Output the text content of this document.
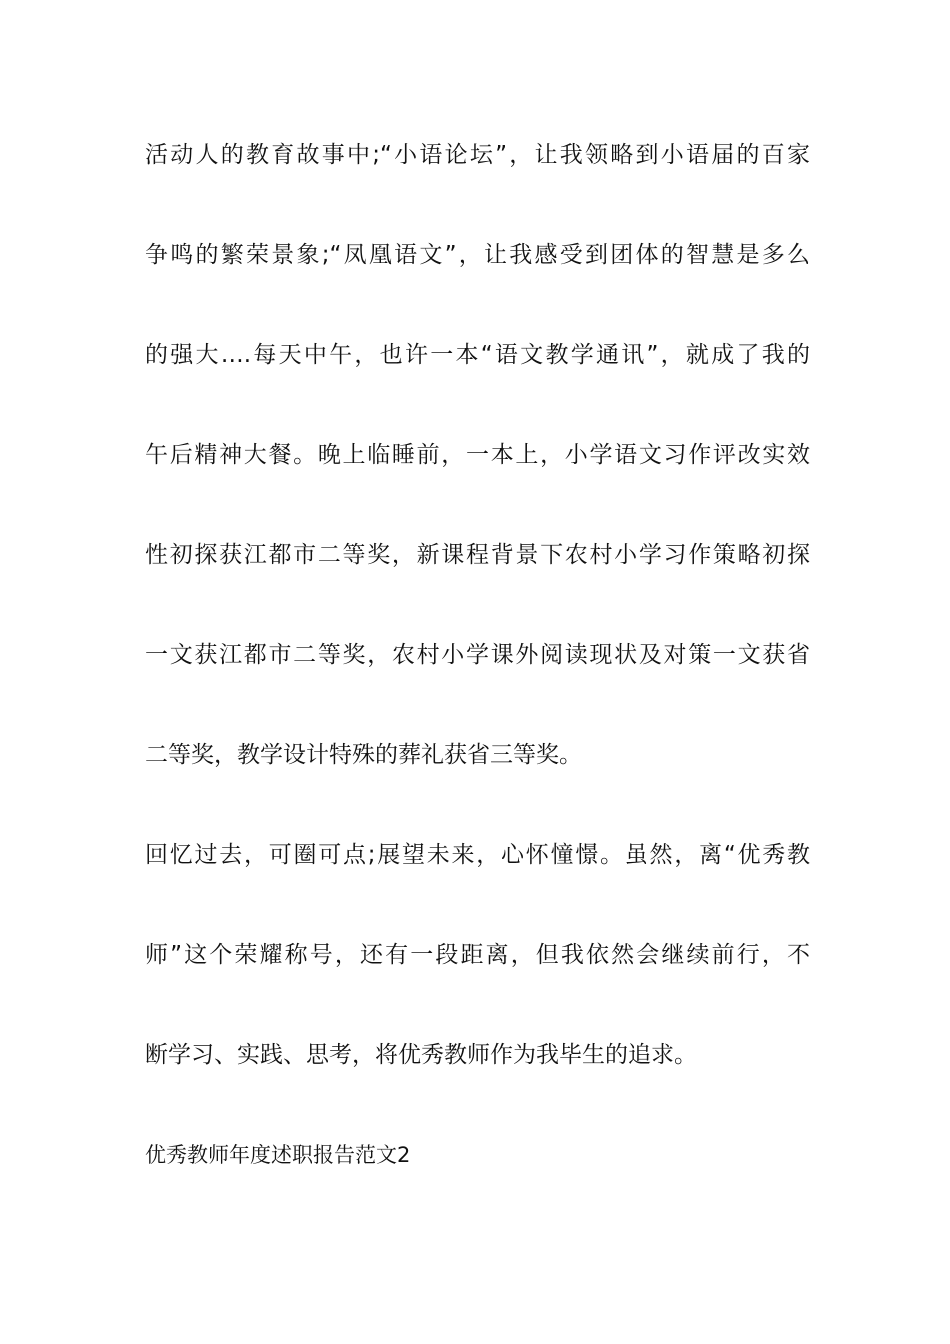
活动人的教育故事中;“小语论坛”，让我领略到小语届的百家
争鸣的繁荣景象;“凤凰语文”，让我感受到团体的智慧是多么
的强大….每天中午，也许一本“语文教学通讯”，就成了我的
午后精神大餐。晚上临睡前，一本上，小学语文习作评改实效
性初探获江都市二等奖，新课程背景下农村小学习作策略初探
一文获江都市二等奖，农村小学课外阅读现状及对策一文获省
二等奖，教学设计特殊的葬礼获省三等奖。
回忆过去，可圈可点;展望未来，心怀憧憬。虽然，离“优秀教
师”这个荣耀称号，还有一段距离，但我依然会继续前行，不
断学习、实践、思考，将优秀教师作为我毕生的追求。
优秀教师年度述职报告范文2
